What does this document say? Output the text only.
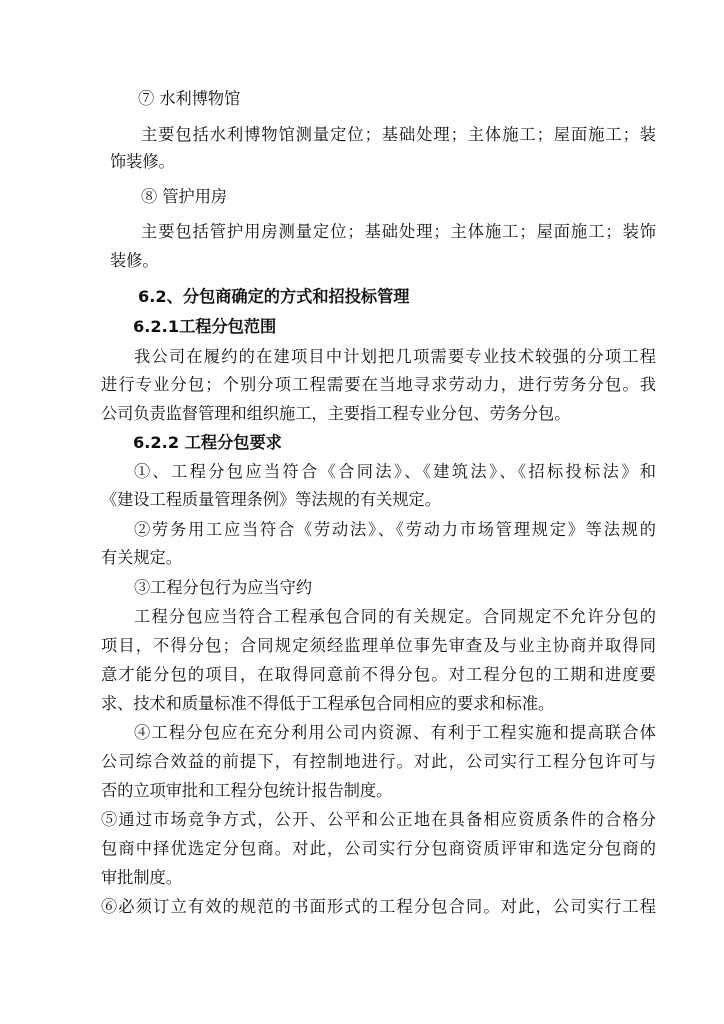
⑦ 水利博物馆
主要包括水利博物馆测量定位；基础处理；主体施工；屋面施工；装
饰装修。
⑧ 管护用房
主要包括管护用房测量定位；基础处理；主体施工；屋面施工；装饰
装修。
6.2、分包商确定的方式和招投标管理
6.2.1工程分包范围
我公司在履约的在建项目中计划把几项需要专业技术较强的分项工程
进行专业分包；个别分项工程需要在当地寻求劳动力，进行劳务分包。我
公司负责监督管理和组织施工，主要指工程专业分包、劳务分包。
6.2.2 工程分包要求
①、工程分包应当符合《合同法》、《建筑法》、《招标投标法》和
《建设工程质量管理条例》等法规的有关规定。
②劳务用工应当符合《劳动法》、《劳动力市场管理规定》等法规的
有关规定。
③工程分包行为应当守约
工程分包应当符合工程承包合同的有关规定。合同规定不允许分包的
项目，不得分包；合同规定须经监理单位事先审查及与业主协商并取得同
意才能分包的项目，在取得同意前不得分包。对工程分包的工期和进度要
求、技术和质量标准不得低于工程承包合同相应的要求和标准。
④工程分包应在充分利用公司内资源、有利于工程实施和提高联合体
公司综合效益的前提下，有控制地进行。对此，公司实行工程分包许可与
否的立项审批和工程分包统计报告制度。
⑤通过市场竞争方式，公开、公平和公正地在具备相应资质条件的合格分
包商中择优选定分包商。对此，公司实行分包商资质评审和选定分包商的
审批制度。
⑥必须订立有效的规范的书面形式的工程分包合同。对此，公司实行工程
